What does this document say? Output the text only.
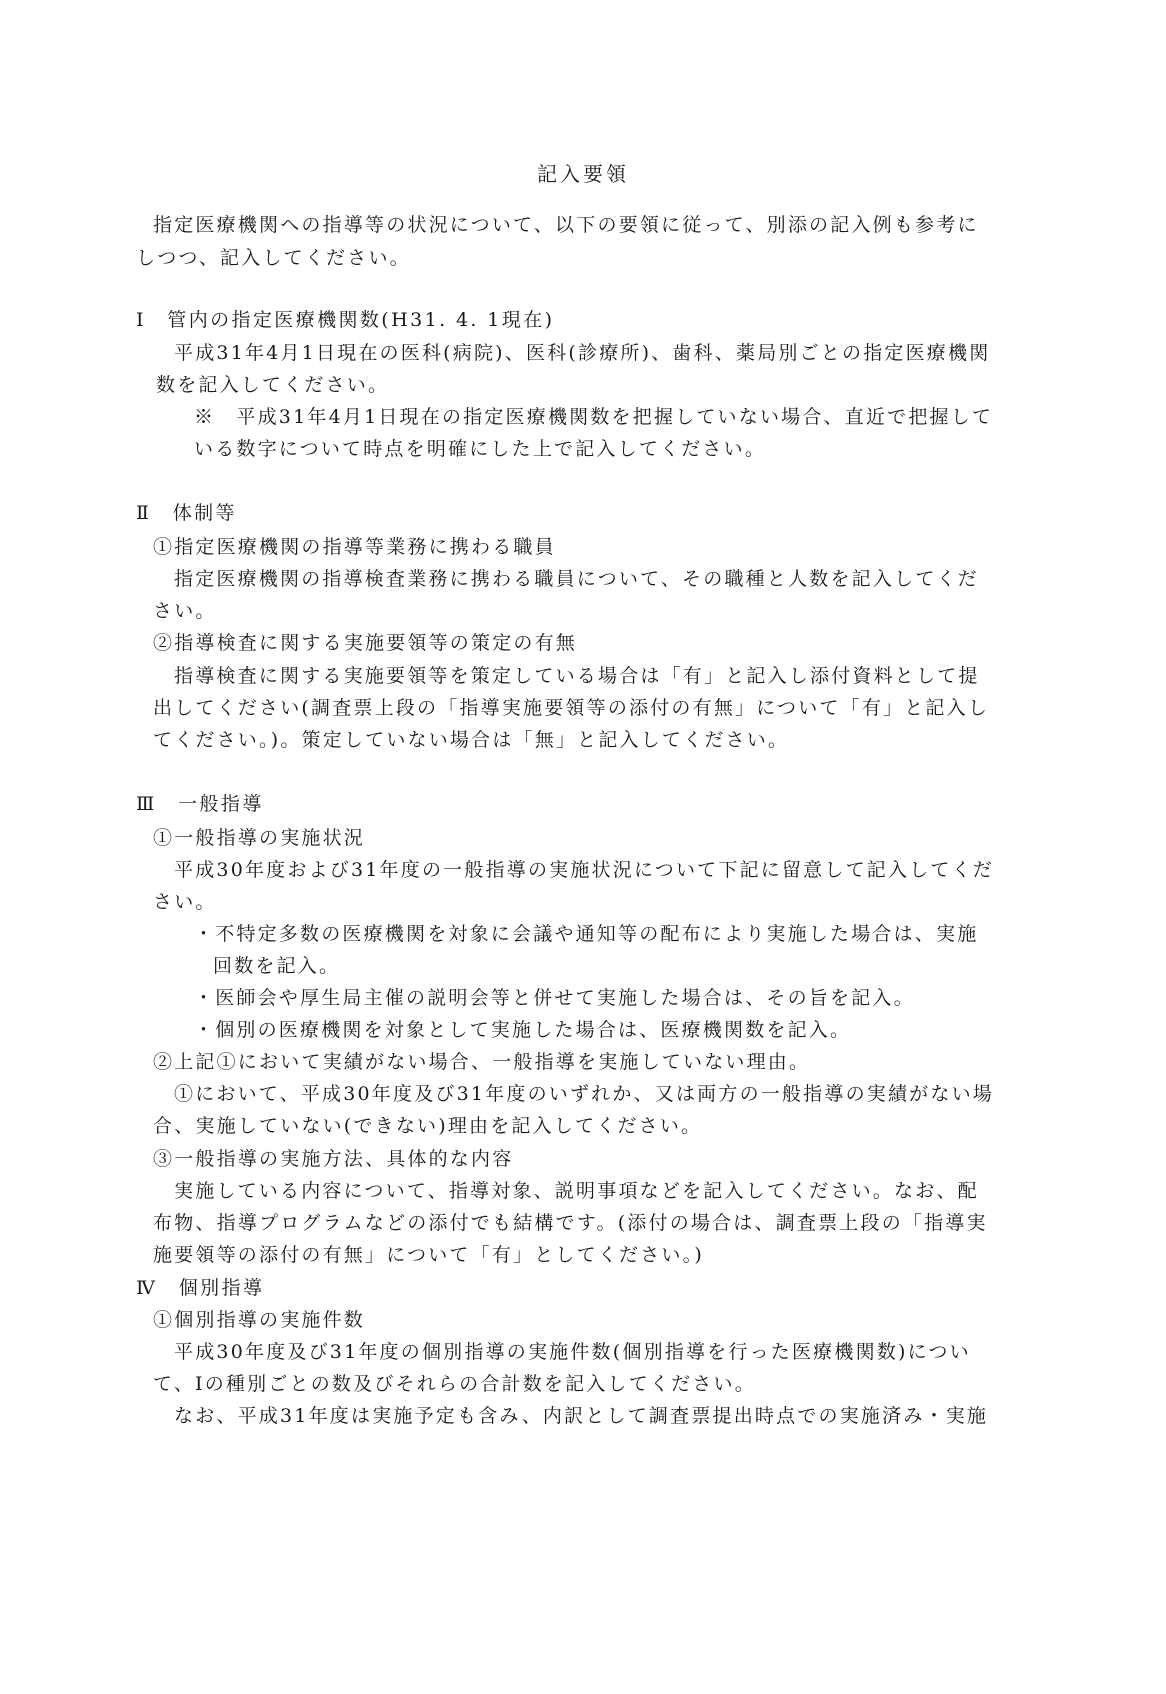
記入要領
指定医療機関への指導等の状況について、以下の要領に従って、別添の記入例も参考に
しつつ、記入してください。
Ⅰ　管内の指定医療機関数(H31. 4. 1現在)
平成31年4月1日現在の医科(病院)、医科(診療所)、歯科、薬局別ごとの指定医療機関
数を記入してください。
※　平成31年4月1日現在の指定医療機関数を把握していない場合、直近で把握して
いる数字について時点を明確にした上で記入してください。
Ⅱ　体制等
①指定医療機関の指導等業務に携わる職員
指定医療機関の指導検査業務に携わる職員について、その職種と人数を記入してくだ
さい。
②指導検査に関する実施要領等の策定の有無
指導検査に関する実施要領等を策定している場合は「有」と記入し添付資料として提
出してください(調査票上段の「指導実施要領等の添付の有無」について「有」と記入し
てください。)。策定していない場合は「無」と記入してください。
Ⅲ　一般指導
①一般指導の実施状況
平成30年度および31年度の一般指導の実施状況について下記に留意して記入してくだ
さい。
・不特定多数の医療機関を対象に会議や通知等の配布により実施した場合は、実施
回数を記入。
・医師会や厚生局主催の説明会等と併せて実施した場合は、その旨を記入。
・個別の医療機関を対象として実施した場合は、医療機関数を記入。
②上記①において実績がない場合、一般指導を実施していない理由。
①において、平成30年度及び31年度のいずれか、又は両方の一般指導の実績がない場
合、実施していない(できない)理由を記入してください。
③一般指導の実施方法、具体的な内容
実施している内容について、指導対象、説明事項などを記入してください。なお、配
布物、指導プログラムなどの添付でも結構です。(添付の場合は、調査票上段の「指導実
施要領等の添付の有無」について「有」としてください。)
Ⅳ　個別指導
①個別指導の実施件数
平成30年度及び31年度の個別指導の実施件数(個別指導を行った医療機関数)につい
て、Ⅰの種別ごとの数及びそれらの合計数を記入してください。
なお、平成31年度は実施予定も含み、内訳として調査票提出時点での実施済み・実施
